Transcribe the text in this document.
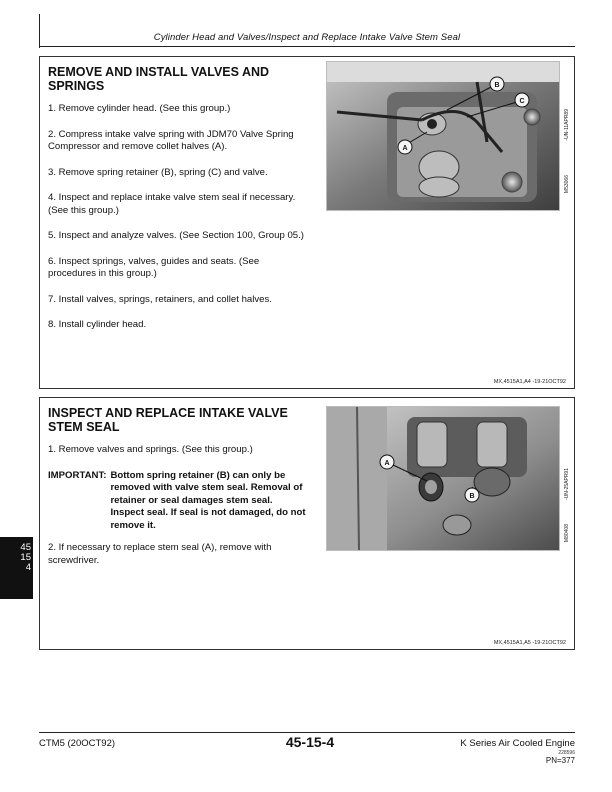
Cylinder Head and Valves/Inspect and Replace Intake Valve Stem Seal
REMOVE AND INSTALL VALVES AND SPRINGS
1. Remove cylinder head. (See this group.)
2. Compress intake valve spring with JDM70 Valve Spring Compressor and remove collet halves (A).
3. Remove spring retainer (B), spring (C) and valve.
4. Inspect and replace intake valve stem seal if necessary. (See this group.)
5. Inspect and analyze valves. (See Section 100, Group 05.)
6. Inspect springs, valves, guides and seats. (See procedures in this group.)
7. Install valves, springs, retainers, and collet halves.
8. Install cylinder head.
A
B
C
-UN-11APR89
M53066
MX,4515A1,A4 -19-21OCT92
INSPECT AND REPLACE INTAKE VALVE STEM SEAL
1. Remove valves and springs. (See this group.)
IMPORTANT: Bottom spring retainer (B) can only be removed with valve stem seal. Removal of retainer or seal damages stem seal. Inspect seal. If seal is not damaged, do not remove it.
2. If necessary to replace stem seal (A), remove with screwdriver.
A
B	-UN-25APR91
M80408
MX,4515A1,A5 -19-21OCT92
45
15
4
CTM5 (20OCT92)	45-15-4	K Series Air Cooled Engine
228596
PN=377
